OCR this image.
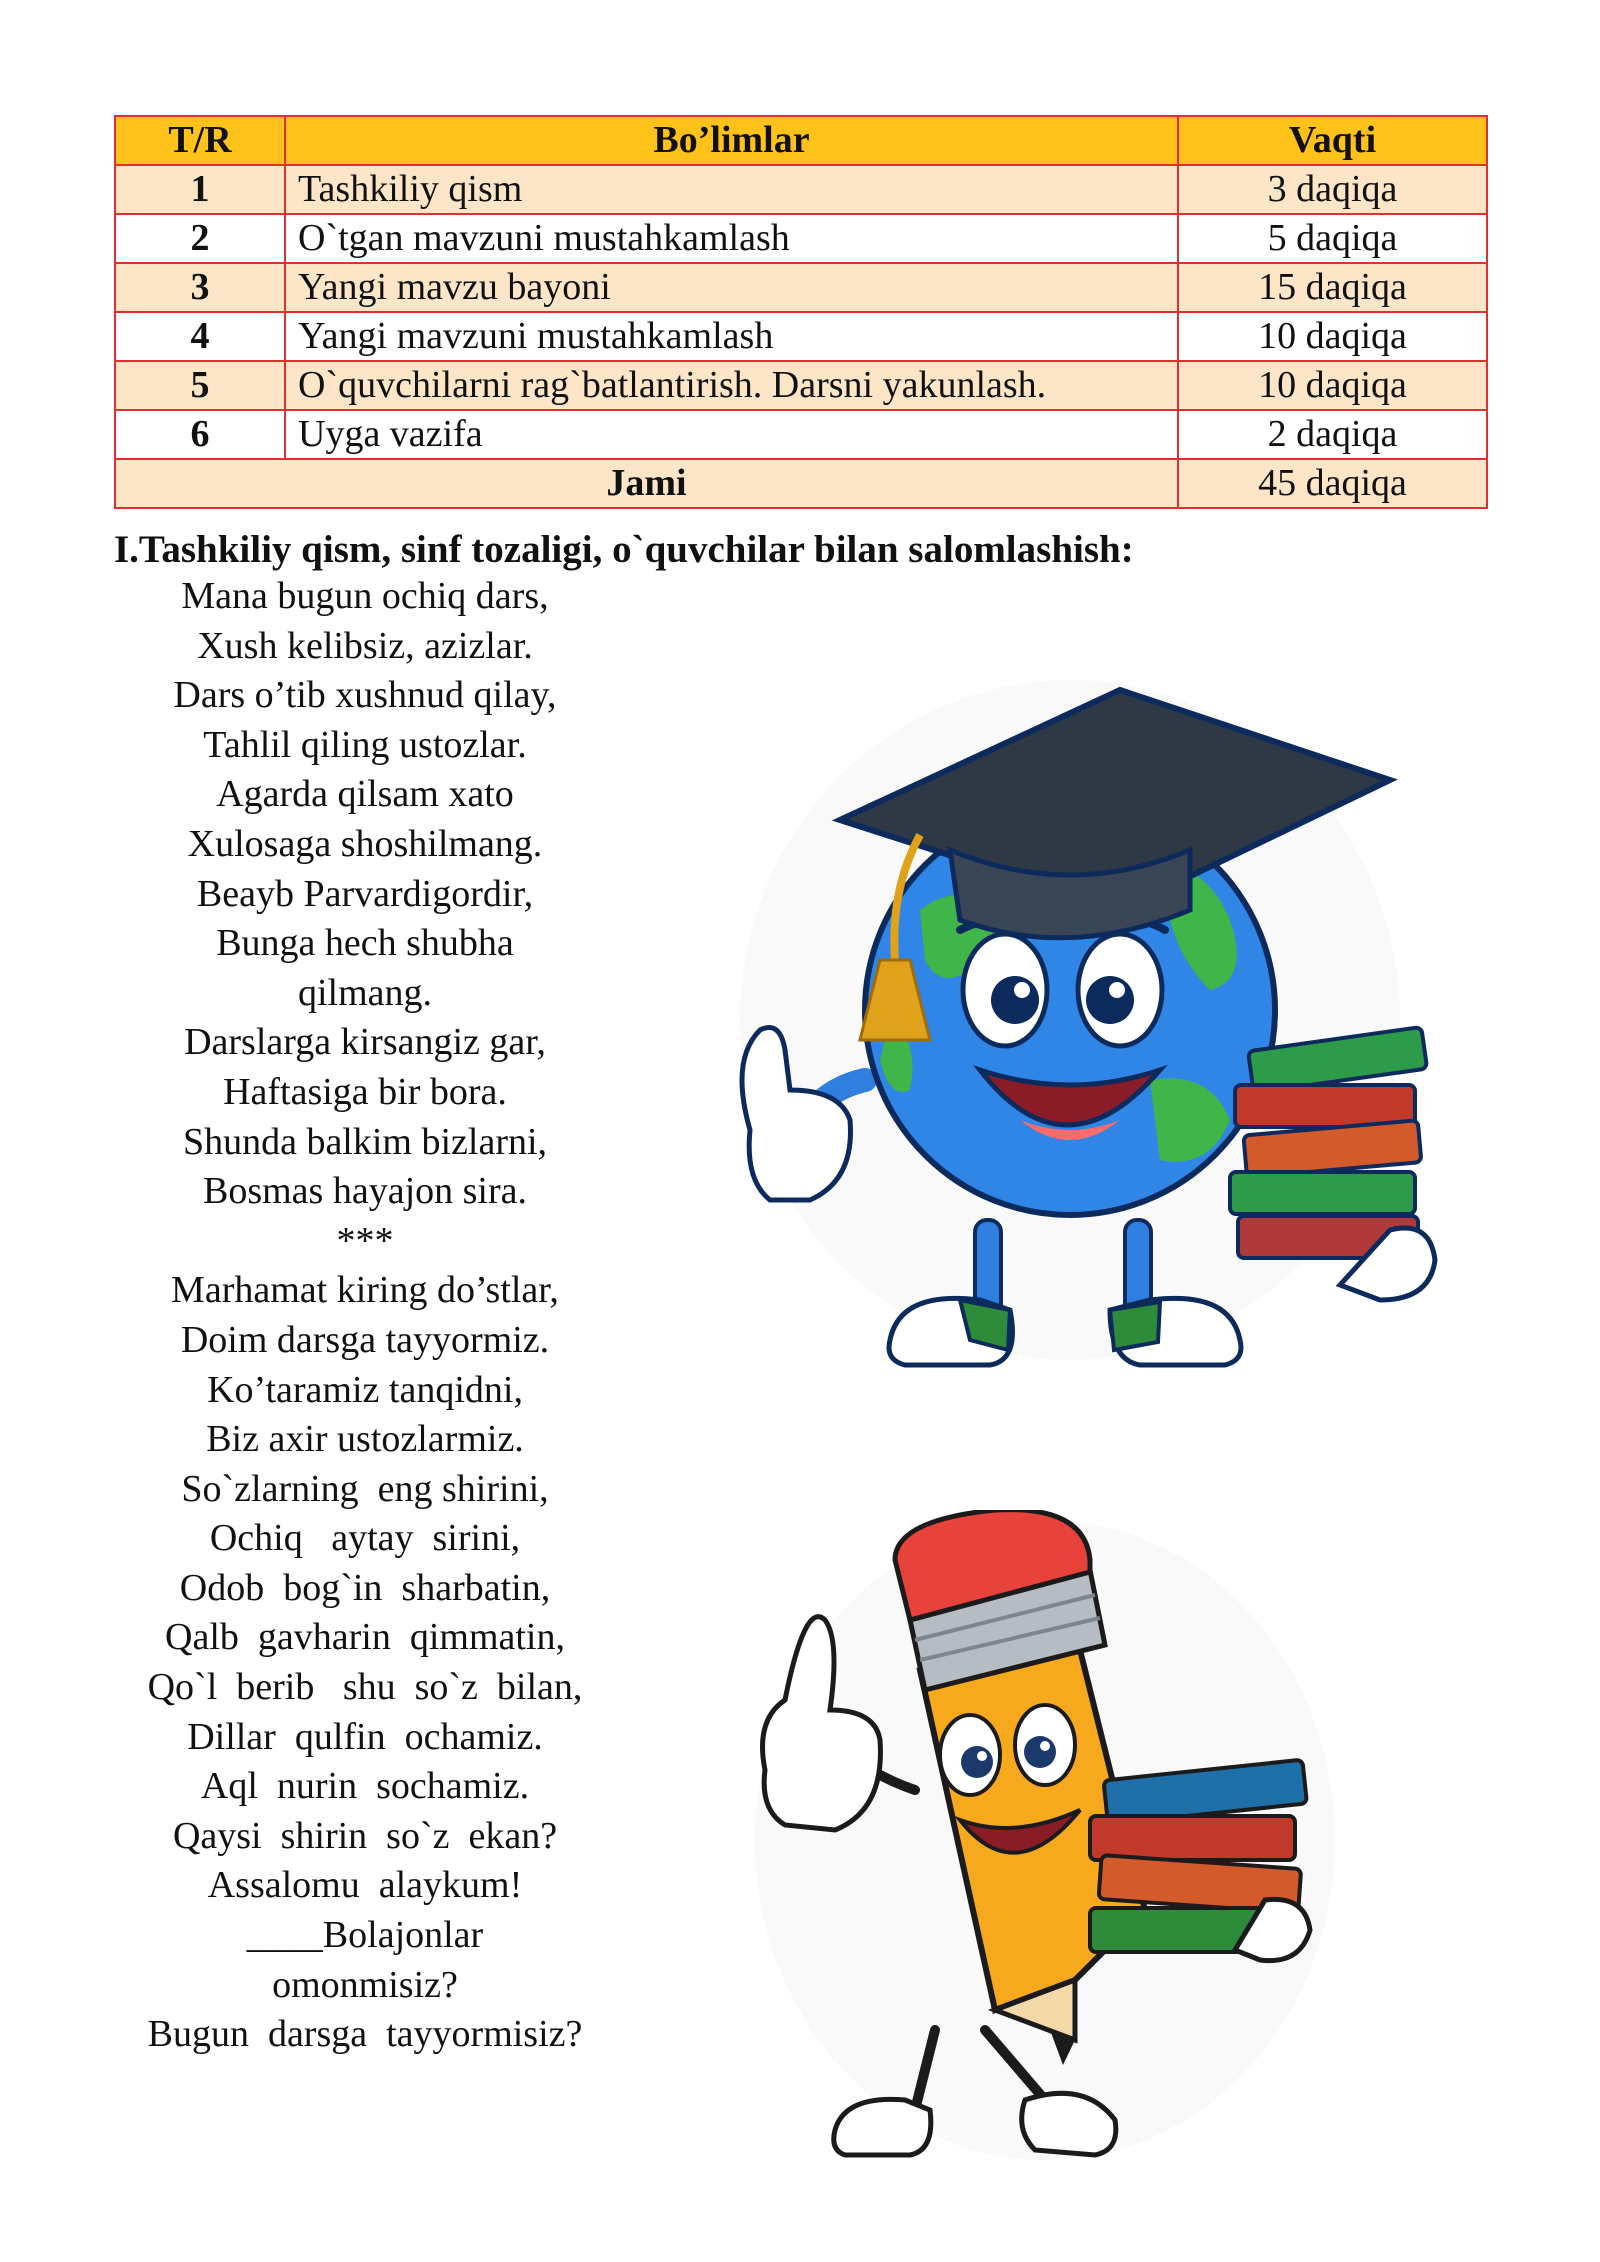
T/R	Bo’limlar	Vaqti
1	Tashkiliy qism	3 daqiqa
2	O`tgan mavzuni mustahkamlash	5 daqiqa
3	Yangi mavzu bayoni	15 daqiqa
4	Yangi mavzuni mustahkamlash	10 daqiqa
5	O`quvchilarni rag`batlantirish. Darsni yakunlash.	10 daqiqa
6	Uyga vazifa	2 daqiqa
Jami		45 daqiqa
I.Tashkiliy qism, sinf tozaligi, o`quvchilar bilan salomlashish:
Mana bugun ochiq dars,
Xush kelibsiz, azizlar.
Dars o’tib xushnud qilay,
Tahlil qiling ustozlar.
Agarda qilsam xato
Xulosaga shoshilmang.
Beayb Parvardigordir,
Bunga hech shubha
qilmang.
Darslarga kirsangiz gar,
Haftasiga bir bora.
Shunda balkim bizlarni,
Bosmas hayajon sira.
***
Marhamat kiring do’stlar,
Doim darsga tayyormiz.
Ko’taramiz tanqidni,
Biz axir ustozlarmiz.
So`zlarning  eng shirini,
Ochiq   aytay  sirini,
Odob  bog`in  sharbatin,
Qalb  gavharin  qimmatin,
Qo`l  berib   shu  so`z  bilan,
Dillar  qulfin  ochamiz.
Aql  nurin  sochamiz.
Qaysi  shirin  so`z  ekan?
Assalomu  alaykum!
____Bolajonlar
omonmisiz?
Bugun  darsga  tayyormisiz?
